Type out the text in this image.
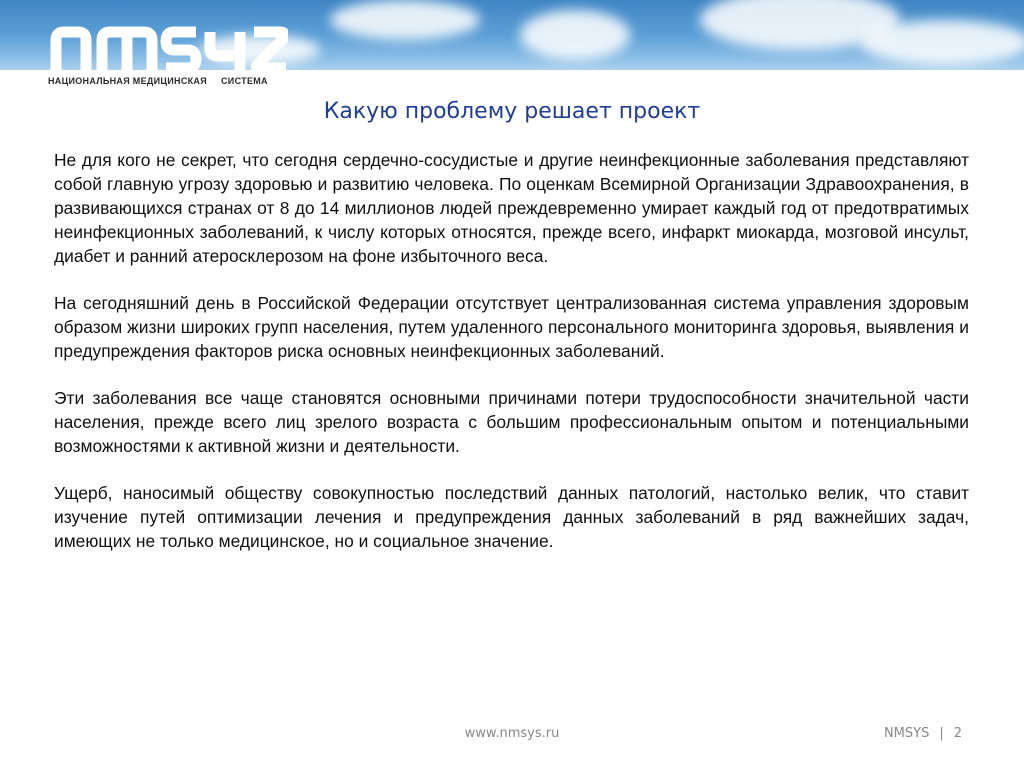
НАЦИОНАЛЬНАЯ МЕДИЦИНСКАЯ СИСТЕМА
Какую проблему решает проект

Не для кого не секрет, что сегодня сердечно-сосудистые и другие неинфекционные заболевания представляют собой главную угрозу здоровью и развитию человека. По оценкам Всемирной Организации Здравоохранения, в развивающихся странах от 8 до 14 миллионов людей преждевременно умирает каждый год от предотвратимых неинфекционных заболеваний, к числу которых относятся, прежде всего, инфаркт миокарда, мозговой инсульт, диабет и ранний атеросклерозом на фоне избыточного веса.

На сегодняшний день в Российской Федерации отсутствует централизованная система управления здоровым образом жизни широких групп населения, путем удаленного персонального мониторинга здоровья, выявления и предупреждения факторов риска основных неинфекционных заболеваний.

Эти заболевания все чаще становятся основными причинами потери трудоспособности значительной части населения, прежде всего лиц зрелого возраста с большим профессиональным опытом и потенциальными возможностями к активной жизни и деятельности.

Ущерб, наносимый обществу совокупностью последствий данных патологий, настолько велик, что ставит изучение путей оптимизации лечения и предупреждения данных заболеваний в ряд важнейших задач, имеющих не только медицинское, но и социальное значение.

www.nmsys.ru	NMSYS | 2
